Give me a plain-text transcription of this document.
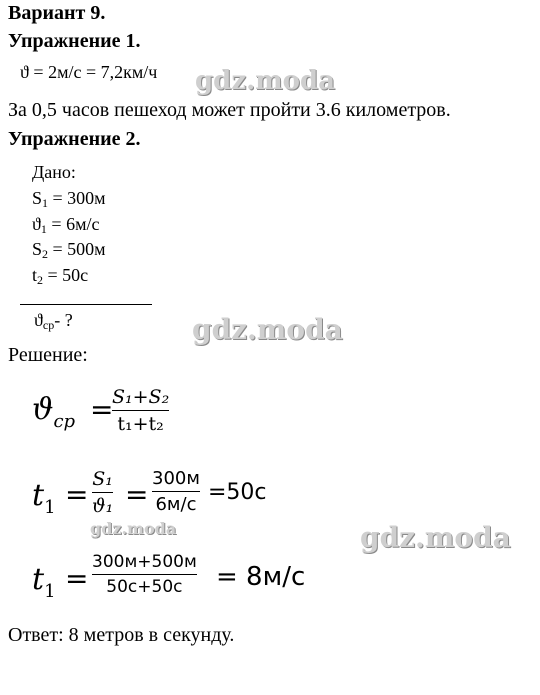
Вариант 9.
Упражнение 1.
ϑ = 2м/с = 7,2км/ч gdz.moda
За 0,5 часов пешеход может пройти 3.6 километров.
Упражнение 2.
Дано:
$S_1 = 300м$
$ϑ_1 = 6м/с$
$S_2 = 500м$
$t_2 = 50с$
$ϑ_{ср}-$ ?	gdz.moda
Решение:
$ϑ_{cp}$ =
S₁+S₂
t₁+t₂
$t_1 = S_1$
ϑ₁ = 300м
6м/с =50с
gdz.moda	gdz.moda
$t_1 = 300м+500м$
50с+50с = 8м/с
Ответ: 8 метров в секунду.
